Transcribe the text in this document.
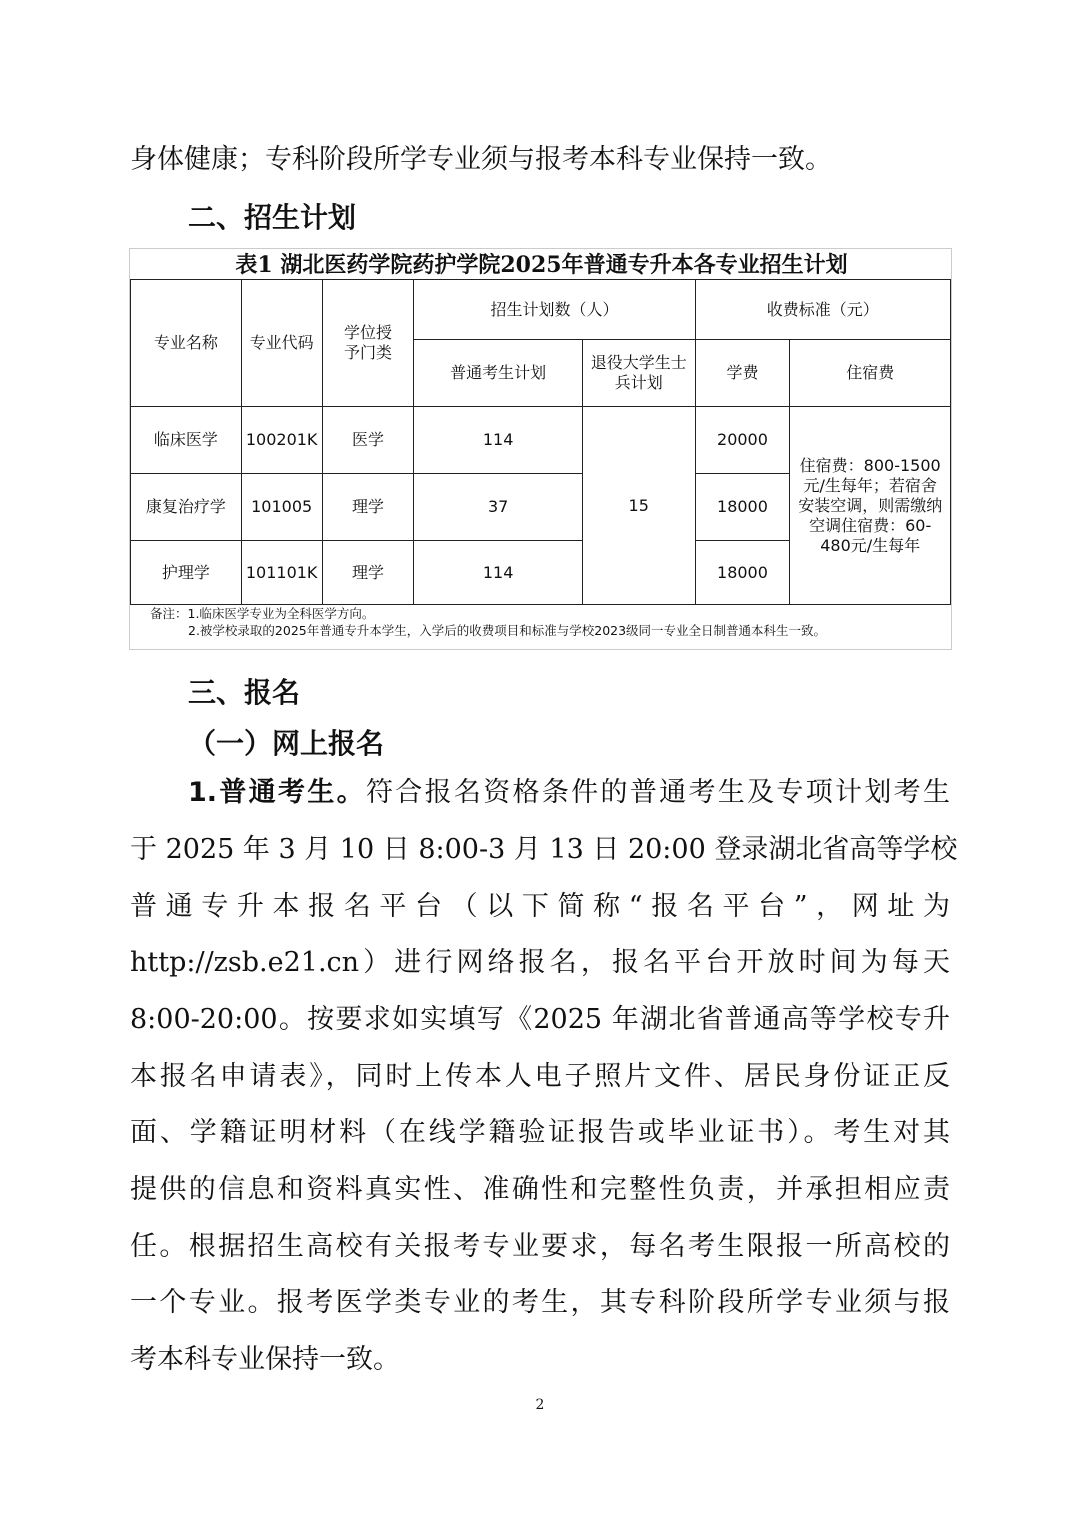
身体健康；专科阶段所学专业须与报考本科专业保持一致。
二、招生计划
表1 湖北医药学院药护学院2025年普通专升本各专业招生计划
专业名称	专业代码	学位授予门类	招生计划数（人）		收费标准（元）	
			普通考生计划	退役大学生士兵计划	学费	住宿费
临床医学	100201K	医学	114	15	20000	住宿费：800-1500元/生每年；若宿舍安装空调，则需缴纳空调住宿费：60-480元/生每年
康复治疗学	101005	理学	37		18000	
护理学	101101K	理学	114		18000	
备注：1.临床医学专业为全科医学方向。
2.被学校录取的2025年普通专升本学生，入学后的收费项目和标准与学校2023级同一专业全日制普通本科生一致。
三、报名
（一）网上报名
1.普通考生。符合报名资格条件的普通考生及专项计划考生
于 2025 年 3 月 10 日 8:00-3 月 13 日 20:00 登录湖北省高等学校
普通专升本报名平台（以下简称“报名平台”，网址为
http://zsb.e21.cn）进行网络报名，报名平台开放时间为每天
8:00-20:00。按要求如实填写《2025 年湖北省普通高等学校专升
本报名申请表》，同时上传本人电子照片文件、居民身份证正反
面、学籍证明材料（在线学籍验证报告或毕业证书）。考生对其
提供的信息和资料真实性、准确性和完整性负责，并承担相应责
任。根据招生高校有关报考专业要求，每名考生限报一所高校的
一个专业。报考医学类专业的考生，其专科阶段所学专业须与报
考本科专业保持一致。
2
